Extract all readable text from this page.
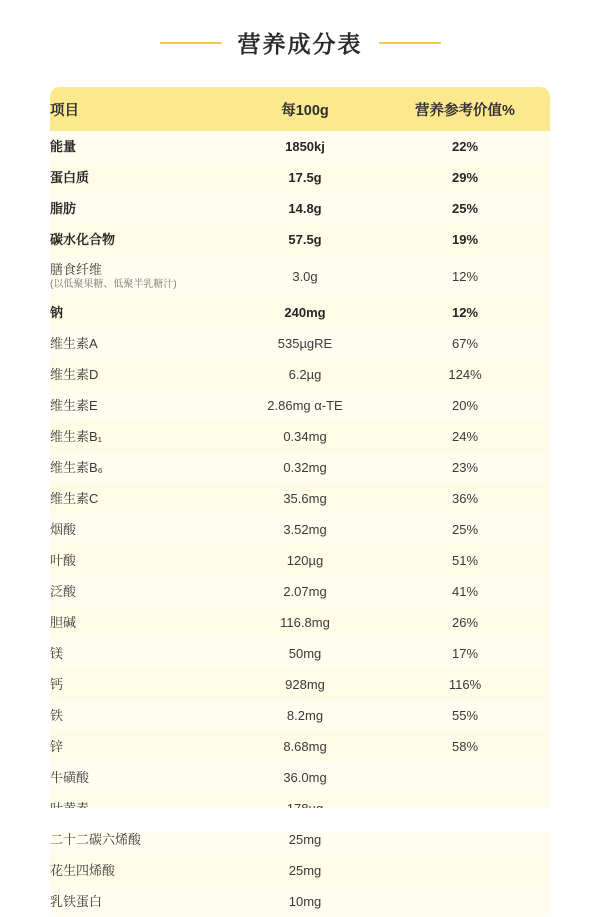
营养成分表
项目	每100g	营养参考价值%

能量	1850kj	22%

蛋白质	17.5g	29%

脂肪	14.8g	25%

碳水化合物	57.5g	19%

膳食纤维
(以低聚果糖、低聚半乳糖汁)	3.0g	12%

钠	240mg	12%

维生素A	535µgRE	67%

维生素D	6.2µg	124%

维生素E	2.86mg α-TE	20%

维生素B₁	0.34mg	24%

维生素B₆	0.32mg	23%

维生素C	35.6mg	36%

烟酸	3.52mg	25%

叶酸	120µg	51%

泛酸	2.07mg	41%

胆碱	116.8mg	26%

镁	50mg	17%

钙	928mg	116%

铁	8.2mg	55%

锌	8.68mg	58%

牛磺酸	36.0mg	

二十二碳六烯酸	25mg	

花生四烯酸	25mg	

乳铁蛋白	10mg	
